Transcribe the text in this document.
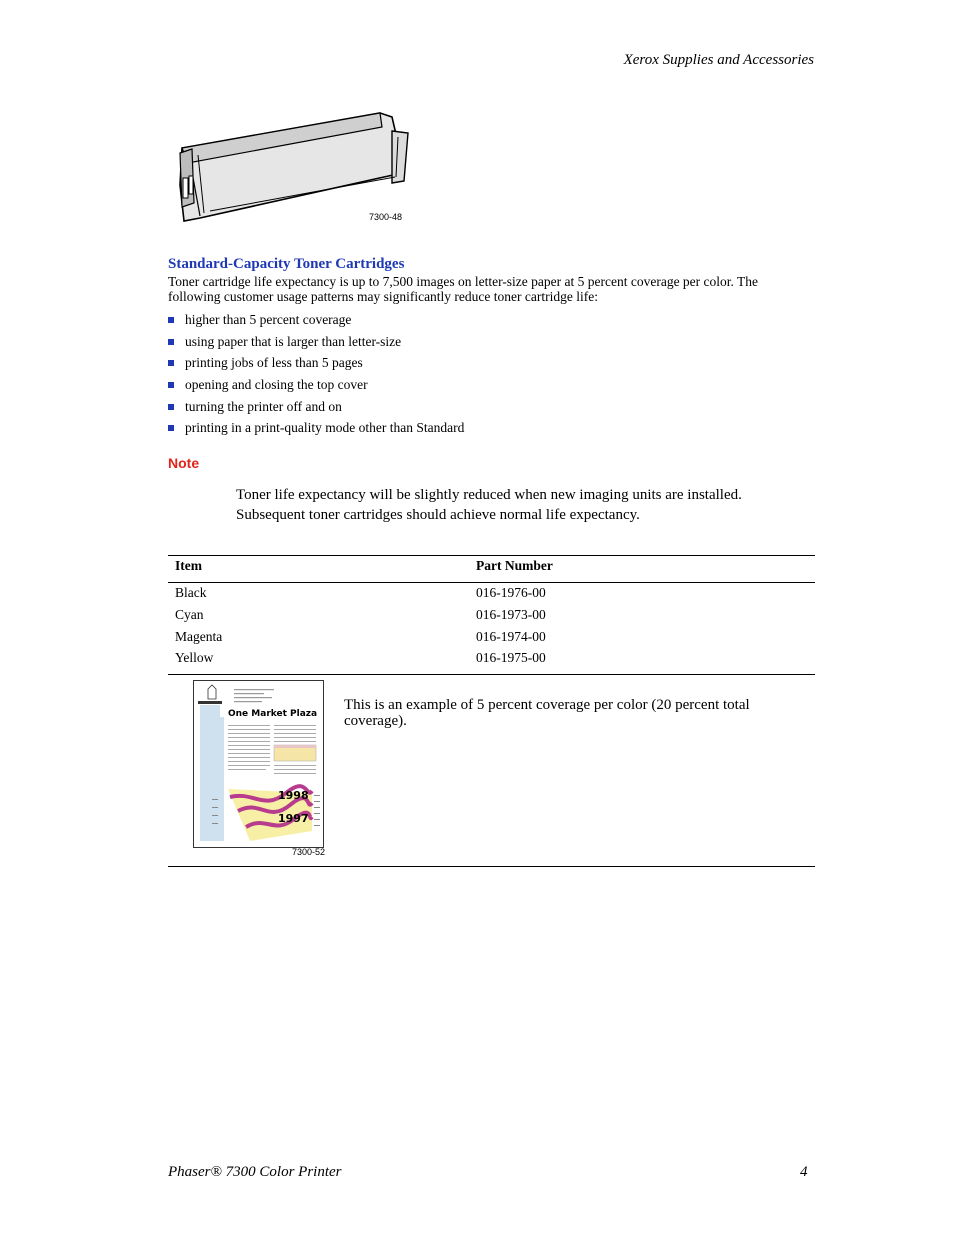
Xerox Supplies and Accessories
7300-48
Standard-Capacity Toner Cartridges
Toner cartridge life expectancy is up to 7,500 images on letter-size paper at 5 percent coverage per color. The following customer usage patterns may significantly reduce toner cartridge life:
higher than 5 percent coverage
using paper that is larger than letter-size
printing jobs of less than 5 pages
opening and closing the top cover
turning the printer off and on
printing in a print-quality mode other than Standard
Note
Toner life expectancy will be slightly reduced when new imaging units are installed. Subsequent toner cartridges should achieve normal life expectancy.
Item	Part Number
Black	016-1976-00
Cyan	016-1973-00
Magenta	016-1974-00
Yellow	016-1975-00
1998
1997
One Market Plaza
7300-52
This is an example of 5 percent coverage per color (20 percent total coverage).
Phaser® 7300 Color Printer	4
